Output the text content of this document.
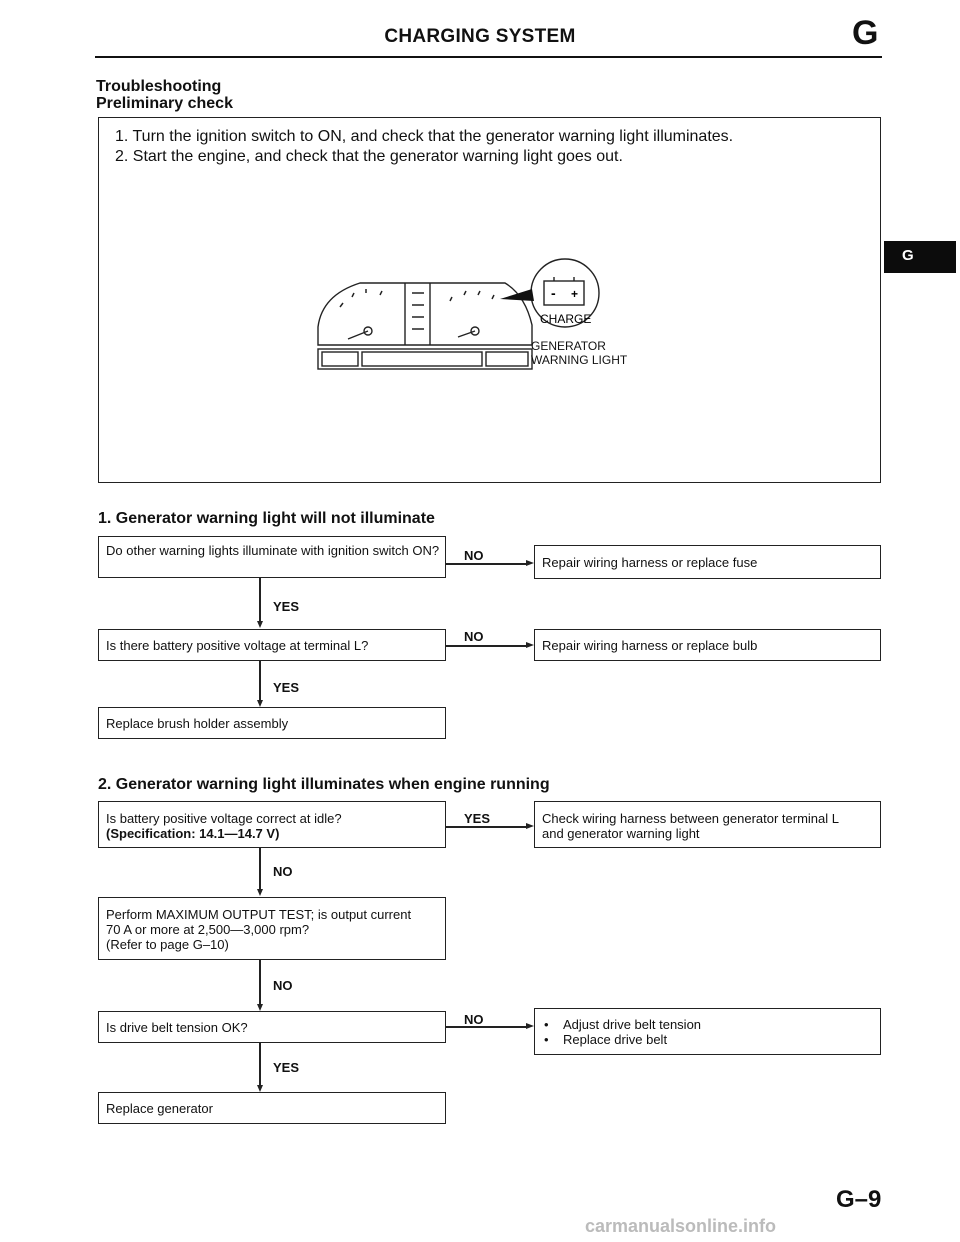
CHARGING SYSTEM	G
G
Troubleshooting
Preliminary check
1. Turn the ignition switch to ON, and check that the generator warning light illuminates.
2. Start the engine, and check that the generator warning light goes out.
- +
CHARGE
GENERATOR
WARNING LIGHT
1. Generator warning light will not illuminate
Do other warning lights illuminate with ignition switch ON? NO	Repair wiring harness or replace fuse
YES
Is there battery positive voltage at terminal L?
NO
Repair wiring harness or replace bulb
YES
Replace brush holder assembly
2. Generator warning light illuminates when engine running
Is battery positive voltage correct at idle?
(Specification: 14.1—14.7 V)
YES	Check wiring harness between generator terminal L
and generator warning light
NO
Perform MAXIMUM OUTPUT TEST; is output current
70 A or more at 2,500—3,000 rpm?
(Refer to page G–10)
NO
Is drive belt tension OK?
NO	•    Adjust drive belt tension
•    Replace drive belt
YES
Replace generator
G–9
carmanualsonline.info
